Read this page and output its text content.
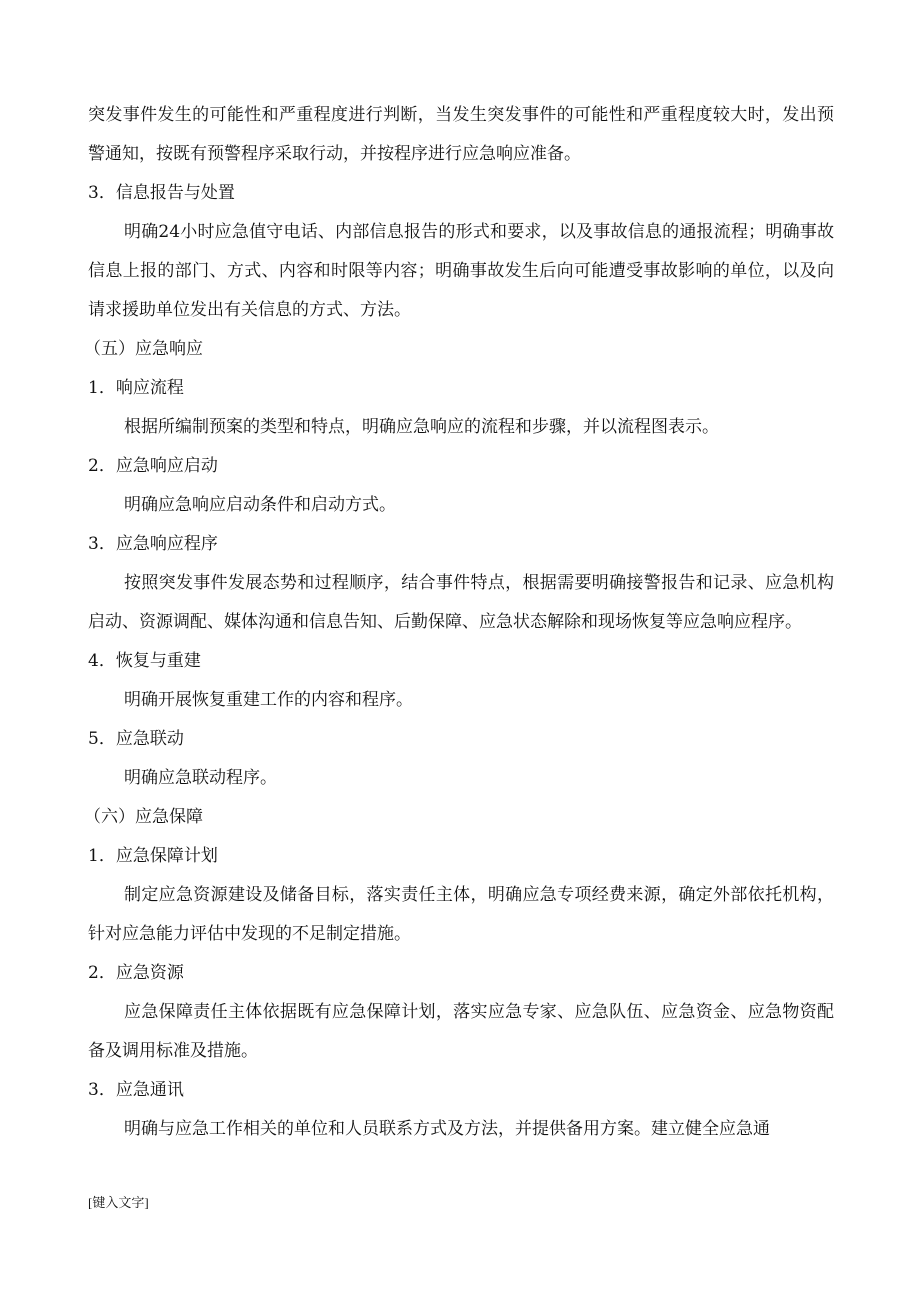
突发事件发生的可能性和严重程度进行判断，当发生突发事件的可能性和严重程度较大时，发出预警通知，按既有预警程序采取行动，并按程序进行应急响应准备。

3．信息报告与处置

明确24小时应急值守电话、内部信息报告的形式和要求，以及事故信息的通报流程；明确事故信息上报的部门、方式、内容和时限等内容；明确事故发生后向可能遭受事故影响的单位，以及向请求援助单位发出有关信息的方式、方法。

（五）应急响应
1．响应流程

根据所编制预案的类型和特点，明确应急响应的流程和步骤，并以流程图表示。

2．应急响应启动

明确应急响应启动条件和启动方式。

3．应急响应程序

按照突发事件发展态势和过程顺序，结合事件特点，根据需要明确接警报告和记录、应急机构启动、资源调配、媒体沟通和信息告知、后勤保障、应急状态解除和现场恢复等应急响应程序。

4．恢复与重建

明确开展恢复重建工作的内容和程序。

5．应急联动

明确应急联动程序。

（六）应急保障
1．应急保障计划

制定应急资源建设及储备目标，落实责任主体，明确应急专项经费来源，确定外部依托机构，针对应急能力评估中发现的不足制定措施。

2．应急资源

应急保障责任主体依据既有应急保障计划，落实应急专家、应急队伍、应急资金、应急物资配备及调用标准及措施。

3．应急通讯

明确与应急工作相关的单位和人员联系方式及方法，并提供备用方案。建立健全应急通

[键入文字]
